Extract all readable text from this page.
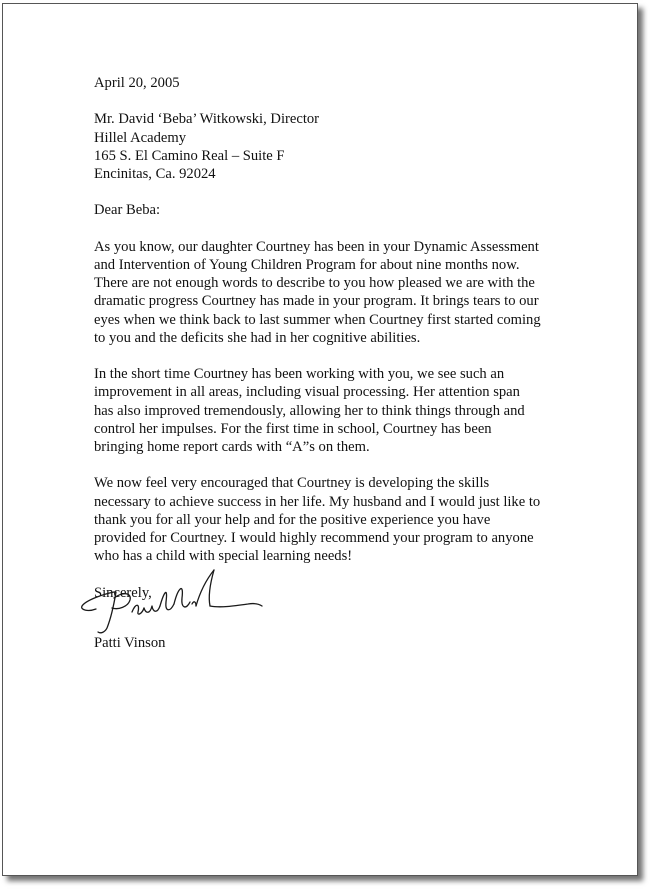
April 20, 2005
Mr. David ‘Beba’ Witkowski, Director
Hillel Academy
165 S. El Camino Real – Suite F
Encinitas, Ca. 92024
Dear Beba:
As you know, our daughter Courtney has been in your Dynamic Assessment
and Intervention of Young Children Program for about nine months now.
There are not enough words to describe to you how pleased we are with the
dramatic progress Courtney has made in your program. It brings tears to our
eyes when we think back to last summer when Courtney first started coming
to you and the deficits she had in her cognitive abilities.
In the short time Courtney has been working with you, we see such an
improvement in all areas, including visual processing. Her attention span
has also improved tremendously, allowing her to think things through and
control her impulses. For the first time in school, Courtney has been
bringing home report cards with “A”s on them.
We now feel very encouraged that Courtney is developing the skills
necessary to achieve success in her life. My husband and I would just like to
thank you for all your help and for the positive experience you have
provided for Courtney. I would highly recommend your program to anyone
who has a child with special learning needs!
Sincerely,
Patti Vinson
